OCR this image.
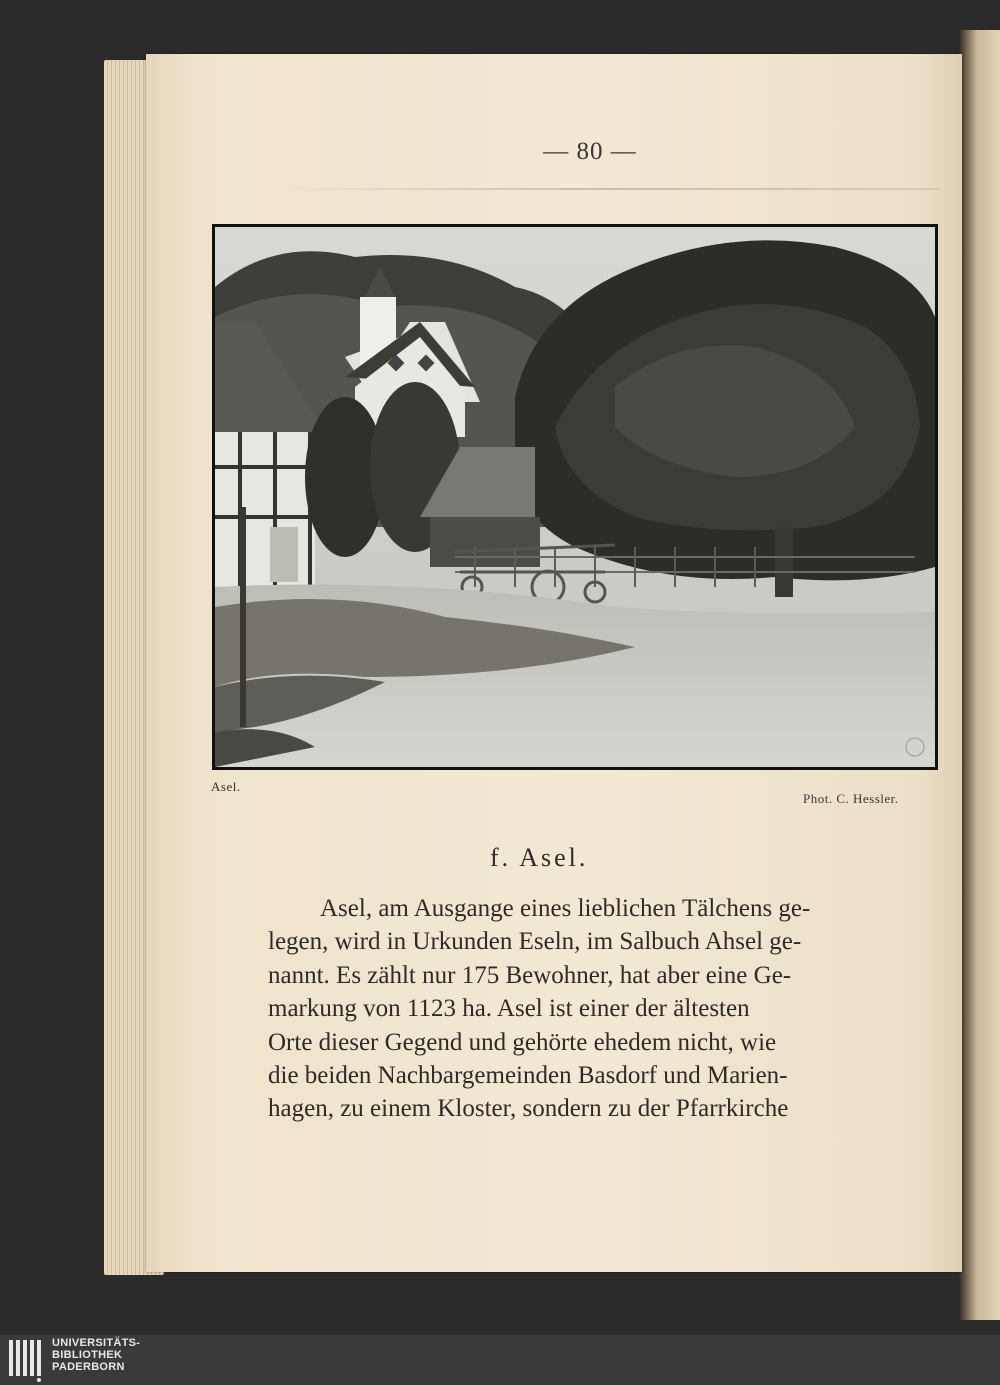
— 80 —
Asel.
Phot. C. Hessler.
f. Asel.
Asel, am Ausgange eines lieblichen Tälchens ge-
legen, wird in Urkunden Eseln, im Salbuch Ahsel ge-
nannt. Es zählt nur 175 Bewohner, hat aber eine Ge-
markung von 1123 ha. Asel ist einer der ältesten
Orte dieser Gegend und gehörte ehedem nicht, wie
die beiden Nachbargemeinden Basdorf und Marien-
hagen, zu einem Kloster, sondern zu der Pfarrkirche
UNIVERSITÄTS-
BIBLIOTHEK
PADERBORN
